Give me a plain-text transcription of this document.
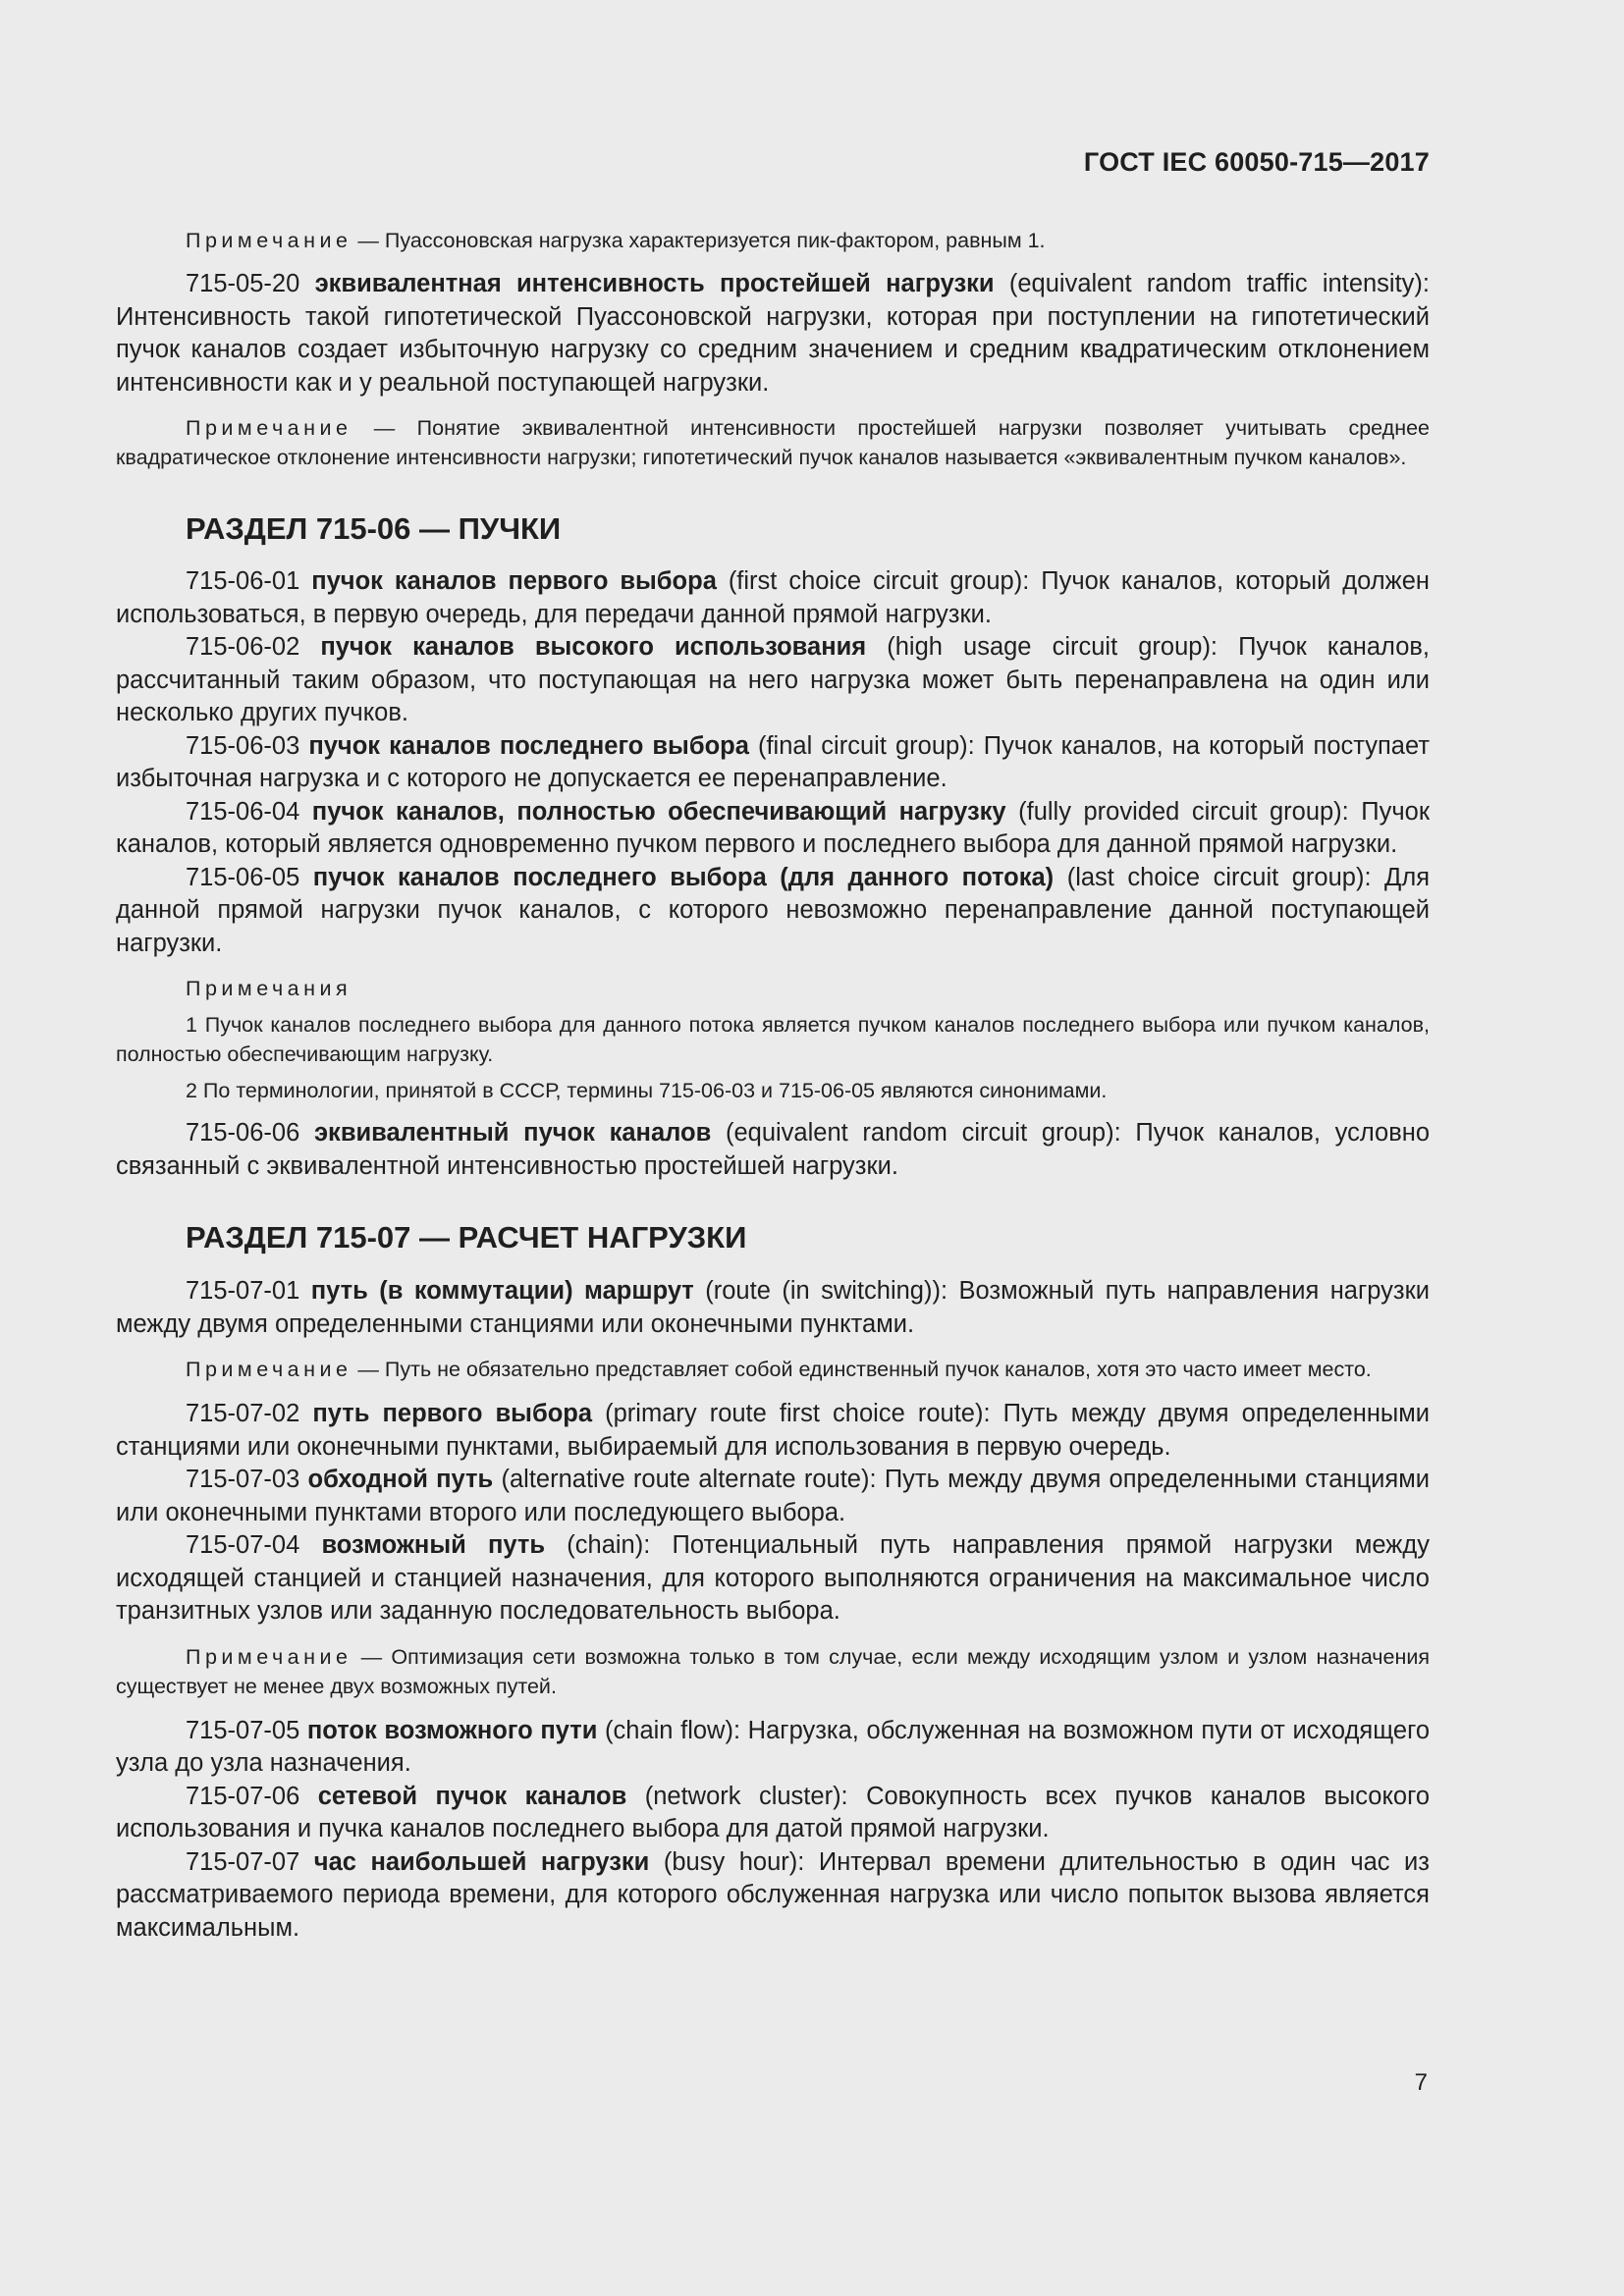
ГОСТ IEC 60050-715—2017

Примечание — Пуассоновская нагрузка характеризуется пик-фактором, равным 1.

715-05-20 эквивалентная интенсивность простейшей нагрузки (equivalent random traffic intensity): Интенсивность такой гипотетической Пуассоновской нагрузки, которая при поступлении на гипотетический пучок каналов создает избыточную нагрузку со средним значением и средним квадратическим отклонением интенсивности как и у реальной поступающей нагрузки.

Примечание — Понятие эквивалентной интенсивности простейшей нагрузки позволяет учитывать среднее квадратическое отклонение интенсивности нагрузки; гипотетический пучок каналов называется «эквивалентным пучком каналов».

РАЗДЕЛ 715-06 — ПУЧКИ

715-06-01 пучок каналов первого выбора (first choice circuit group): Пучок каналов, который должен использоваться, в первую очередь, для передачи данной прямой нагрузки.

715-06-02 пучок каналов высокого использования (high usage circuit group): Пучок каналов, рассчитанный таким образом, что поступающая на него нагрузка может быть перенаправлена на один или несколько других пучков.

715-06-03 пучок каналов последнего выбора (final circuit group): Пучок каналов, на который поступает избыточная нагрузка и с которого не допускается ее перенаправление.

715-06-04 пучок каналов, полностью обеспечивающий нагрузку (fully provided circuit group): Пучок каналов, который является одновременно пучком первого и последнего выбора для данной прямой нагрузки.

715-06-05 пучок каналов последнего выбора (для данного потока) (last choice circuit group): Для данной прямой нагрузки пучок каналов, с которого невозможно перенаправление данной поступающей нагрузки.

Примечания

1 Пучок каналов последнего выбора для данного потока является пучком каналов последнего выбора или пучком каналов, полностью обеспечивающим нагрузку.

2 По терминологии, принятой в СССР, термины 715-06-03 и 715-06-05 являются синонимами.

715-06-06 эквивалентный пучок каналов (equivalent random circuit group): Пучок каналов, условно связанный с эквивалентной интенсивностью простейшей нагрузки.

РАЗДЕЛ 715-07 — РАСЧЕТ НАГРУЗКИ

715-07-01 путь (в коммутации) маршрут (route (in switching)): Возможный путь направления нагрузки между двумя определенными станциями или оконечными пунктами.

Примечание — Путь не обязательно представляет собой единственный пучок каналов, хотя это часто имеет место.

715-07-02 путь первого выбора (primary route first choice route): Путь между двумя определенными станциями или оконечными пунктами, выбираемый для использования в первую очередь.

715-07-03 обходной путь (alternative route alternate route): Путь между двумя определенными станциями или оконечными пунктами второго или последующего выбора.

715-07-04 возможный путь (chain): Потенциальный путь направления прямой нагрузки между исходящей станцией и станцией назначения, для которого выполняются ограничения на максимальное число транзитных узлов или заданную последовательность выбора.

Примечание — Оптимизация сети возможна только в том случае, если между исходящим узлом и узлом назначения существует не менее двух возможных путей.

715-07-05 поток возможного пути (chain flow): Нагрузка, обслуженная на возможном пути от исходящего узла до узла назначения.

715-07-06 сетевой пучок каналов (network cluster): Совокупность всех пучков каналов высокого использования и пучка каналов последнего выбора для датой прямой нагрузки.

715-07-07 час наибольшей нагрузки (busy hour): Интервал времени длительностью в один час из рассматриваемого периода времени, для которого обслуженная нагрузка или число попыток вызова является максимальным.

7
